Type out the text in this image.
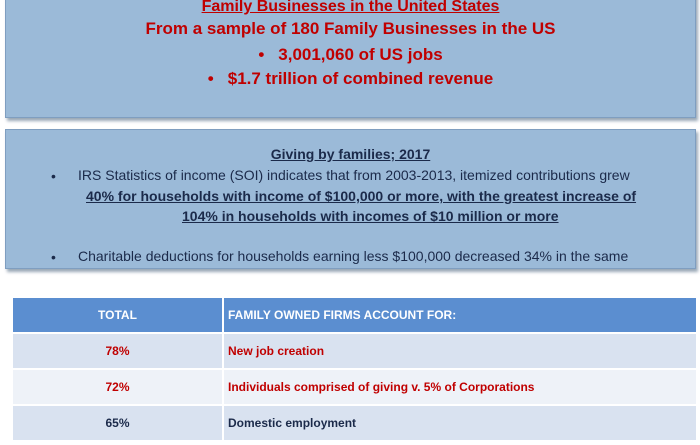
Family Businesses in the United States
From a sample of 180 Family Businesses in the US
• 3,001,060 of US jobs
• $1.7 trillion of combined revenue
Giving by families; 2017
• IRS Statistics of income (SOI) indicates that from 2003-2013, itemized contributions grew
40% for households with income of $100,000 or more, with the greatest increase of
104% in households with incomes of $10 million or more
• Charitable deductions for households earning less $100,000 decreased 34% in the same
TOTAL	FAMILY OWNED FIRMS ACCOUNT FOR:
78%	New job creation
72%	Individuals comprised of giving v. 5% of Corporations
65%	Domestic employment
